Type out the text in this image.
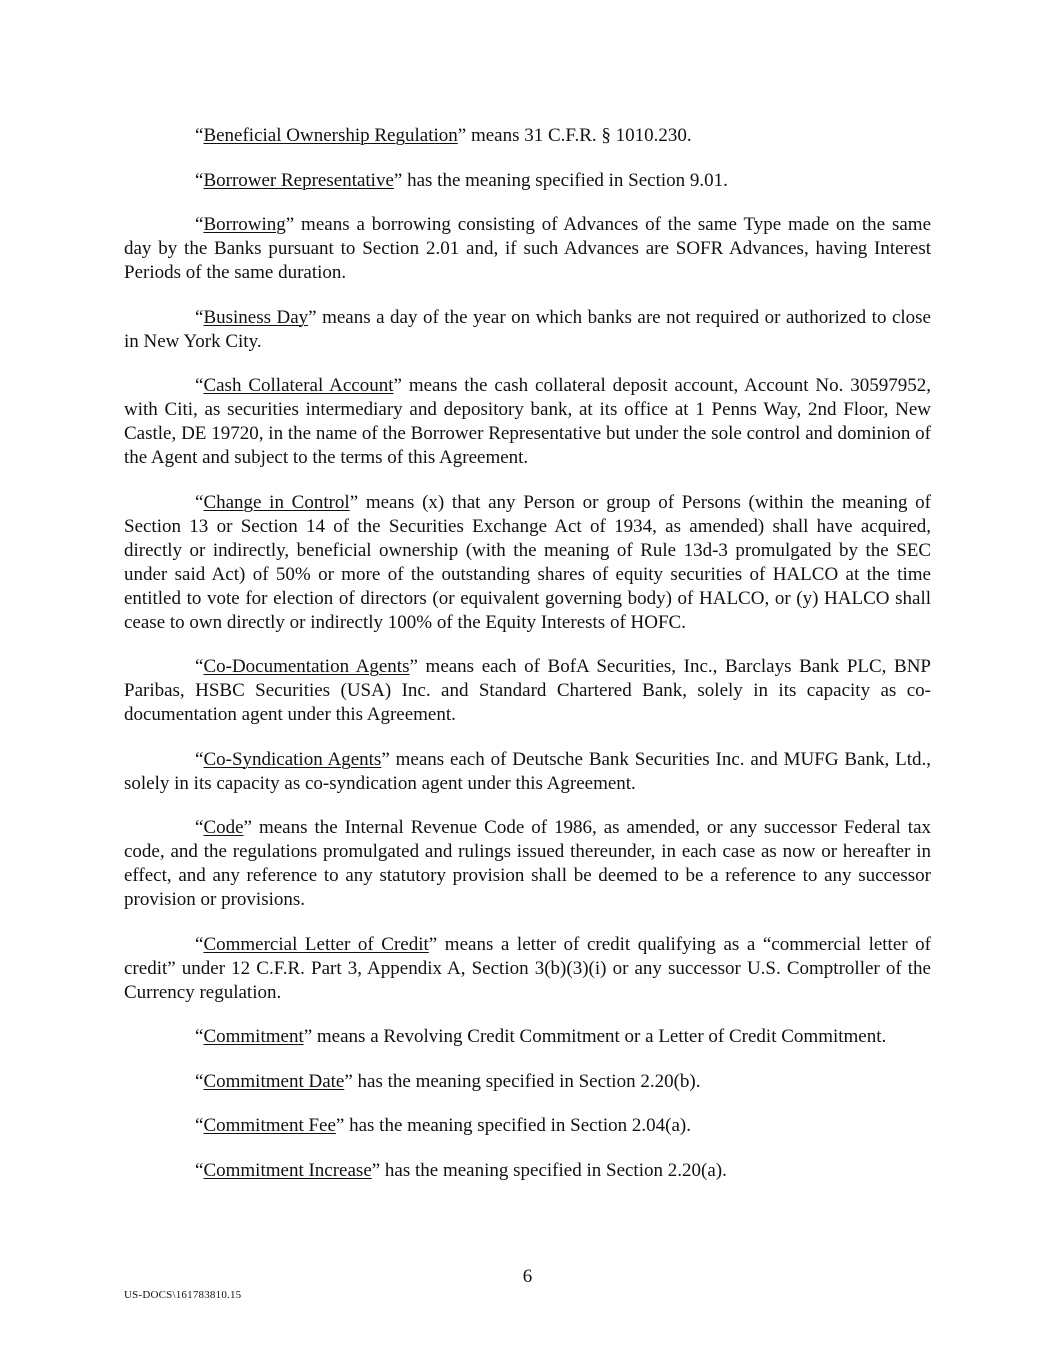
“Beneficial Ownership Regulation” means 31 C.F.R. § 1010.230.

“Borrower Representative” has the meaning specified in Section 9.01.

“Borrowing” means a borrowing consisting of Advances of the same Type made on the same day by the Banks pursuant to Section 2.01 and, if such Advances are SOFR Advances, having Interest Periods of the same duration.

“Business Day” means a day of the year on which banks are not required or authorized to close in New York City.

“Cash Collateral Account” means the cash collateral deposit account, Account No. 30597952, with Citi, as securities intermediary and depository bank, at its office at 1 Penns Way, 2nd Floor, New Castle, DE 19720, in the name of the Borrower Representative but under the sole control and dominion of the Agent and subject to the terms of this Agreement.

“Change in Control” means (x) that any Person or group of Persons (within the meaning of Section 13 or Section 14 of the Securities Exchange Act of 1934, as amended) shall have acquired, directly or indirectly, beneficial ownership (with the meaning of Rule 13d-3 promulgated by the SEC under said Act) of 50% or more of the outstanding shares of equity securities of HALCO at the time entitled to vote for election of directors (or equivalent governing body) of HALCO, or (y) HALCO shall cease to own directly or indirectly 100% of the Equity Interests of HOFC.

“Co-Documentation Agents” means each of BofA Securities, Inc., Barclays Bank PLC, BNP Paribas, HSBC Securities (USA) Inc. and Standard Chartered Bank, solely in its capacity as co-documentation agent under this Agreement.

“Co-Syndication Agents” means each of Deutsche Bank Securities Inc. and MUFG Bank, Ltd., solely in its capacity as co-syndication agent under this Agreement.

“Code” means the Internal Revenue Code of 1986, as amended, or any successor Federal tax code, and the regulations promulgated and rulings issued thereunder, in each case as now or hereafter in effect, and any reference to any statutory provision shall be deemed to be a reference to any successor provision or provisions.

“Commercial Letter of Credit” means a letter of credit qualifying as a “commercial letter of credit” under 12 C.F.R. Part 3, Appendix A, Section 3(b)(3)(i) or any successor U.S. Comptroller of the Currency regulation.

“Commitment” means a Revolving Credit Commitment or a Letter of Credit Commitment.

“Commitment Date” has the meaning specified in Section 2.20(b).

“Commitment Fee” has the meaning specified in Section 2.04(a).

“Commitment Increase” has the meaning specified in Section 2.20(a).

6
US-DOCS\161783810.15
